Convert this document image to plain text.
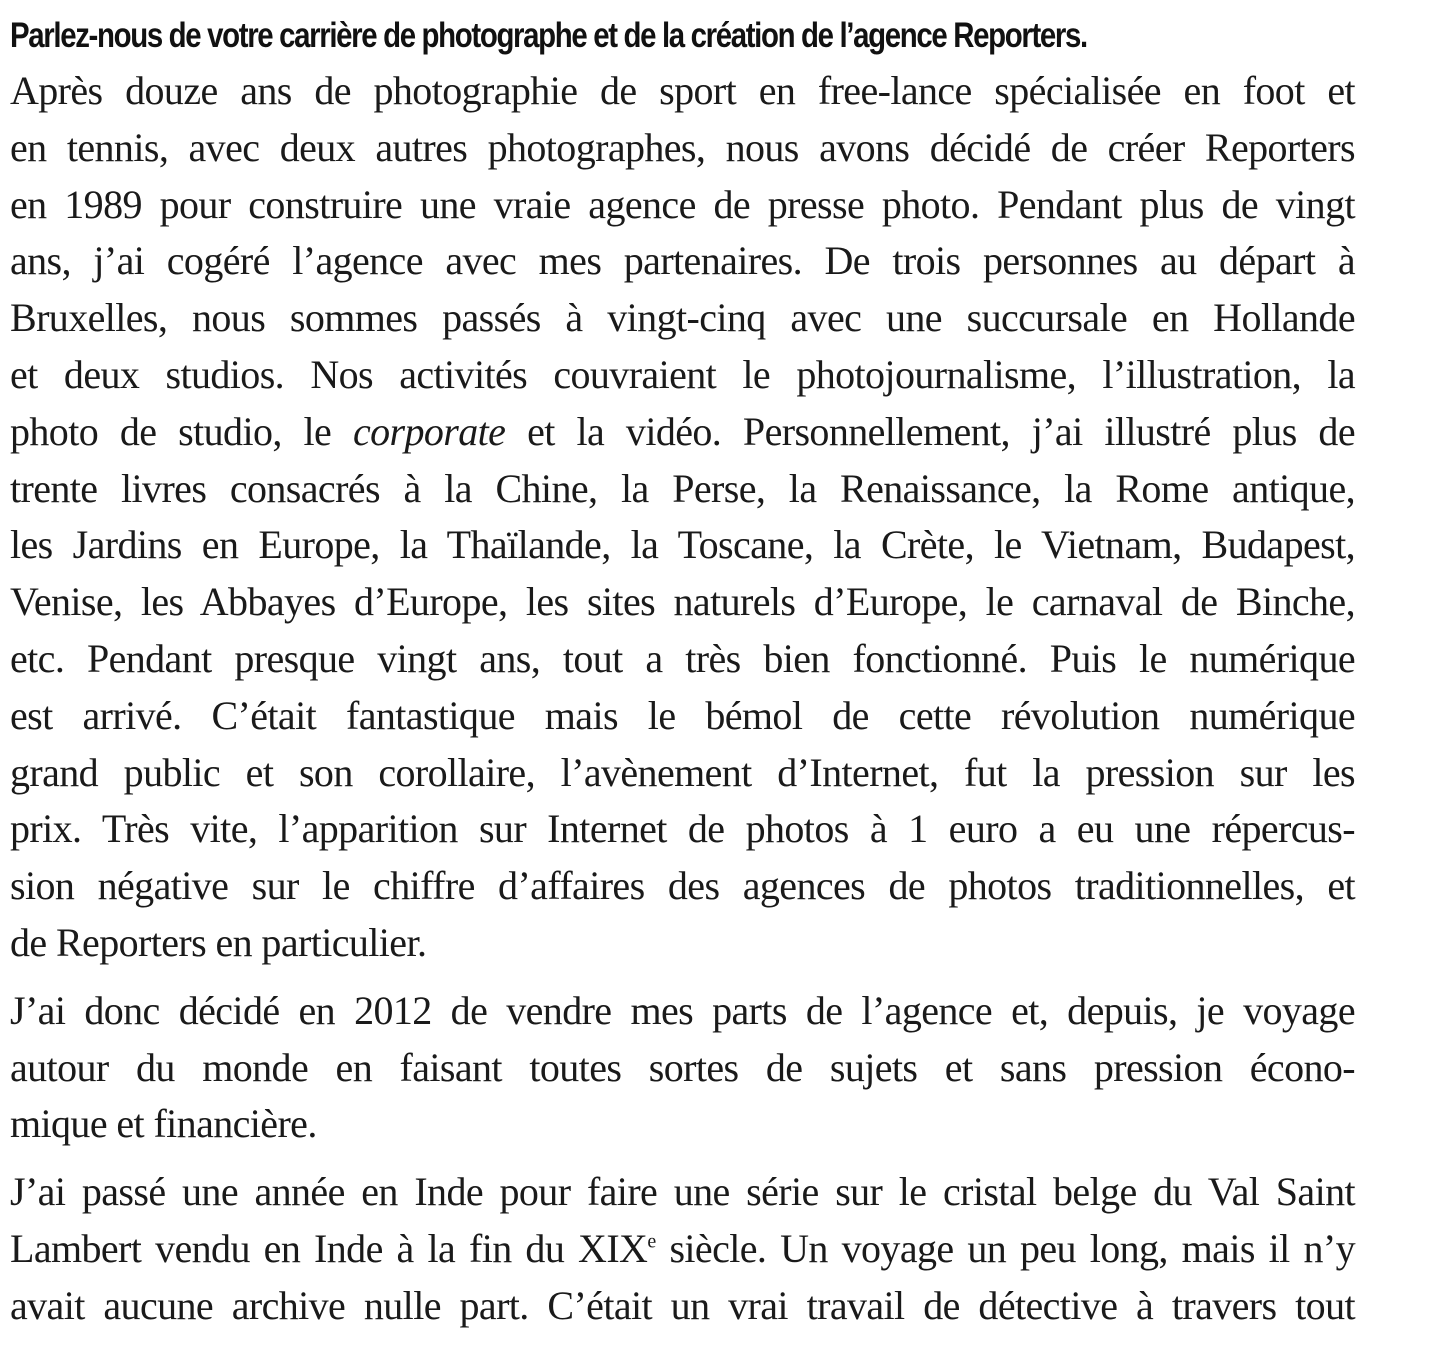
Parlez-nous de votre carrière de photographe et de la création de l’agence Reporters.

Après douze ans de photographie de sport en free-lance spécialisée en foot et
en tennis, avec deux autres photographes, nous avons décidé de créer Reporters
en 1989 pour construire une vraie agence de presse photo. Pendant plus de vingt
ans, j’ai cogéré l’agence avec mes partenaires. De trois personnes au départ à
Bruxelles, nous sommes passés à vingt-cinq avec une succursale en Hollande
et deux studios. Nos activités couvraient le photojournalisme, l’illustration, la
photo de studio, le corporate et la vidéo. Personnellement, j’ai illustré plus de
trente livres consacrés à la Chine, la Perse, la Renaissance, la Rome antique,
les Jardins en Europe, la Thaïlande, la Toscane, la Crète, le Vietnam, Budapest,
Venise, les Abbayes d’Europe, les sites naturels d’Europe, le carnaval de Binche,
etc. Pendant presque vingt ans, tout a très bien fonctionné. Puis le numérique
est arrivé. C’était fantastique mais le bémol de cette révolution numérique
grand public et son corollaire, l’avènement d’Internet, fut la pression sur les
prix. Très vite, l’apparition sur Internet de photos à 1 euro a eu une répercus-
sion négative sur le chiffre d’affaires des agences de photos traditionnelles, et
de Reporters en particulier.

J’ai donc décidé en 2012 de vendre mes parts de l’agence et, depuis, je voyage
autour du monde en faisant toutes sortes de sujets et sans pression écono-
mique et financière.

J’ai passé une année en Inde pour faire une série sur le cristal belge du Val Saint
Lambert vendu en Inde à la fin du XIXe siècle. Un voyage un peu long, mais il n’y
avait aucune archive nulle part. C’était un vrai travail de détective à travers tout
